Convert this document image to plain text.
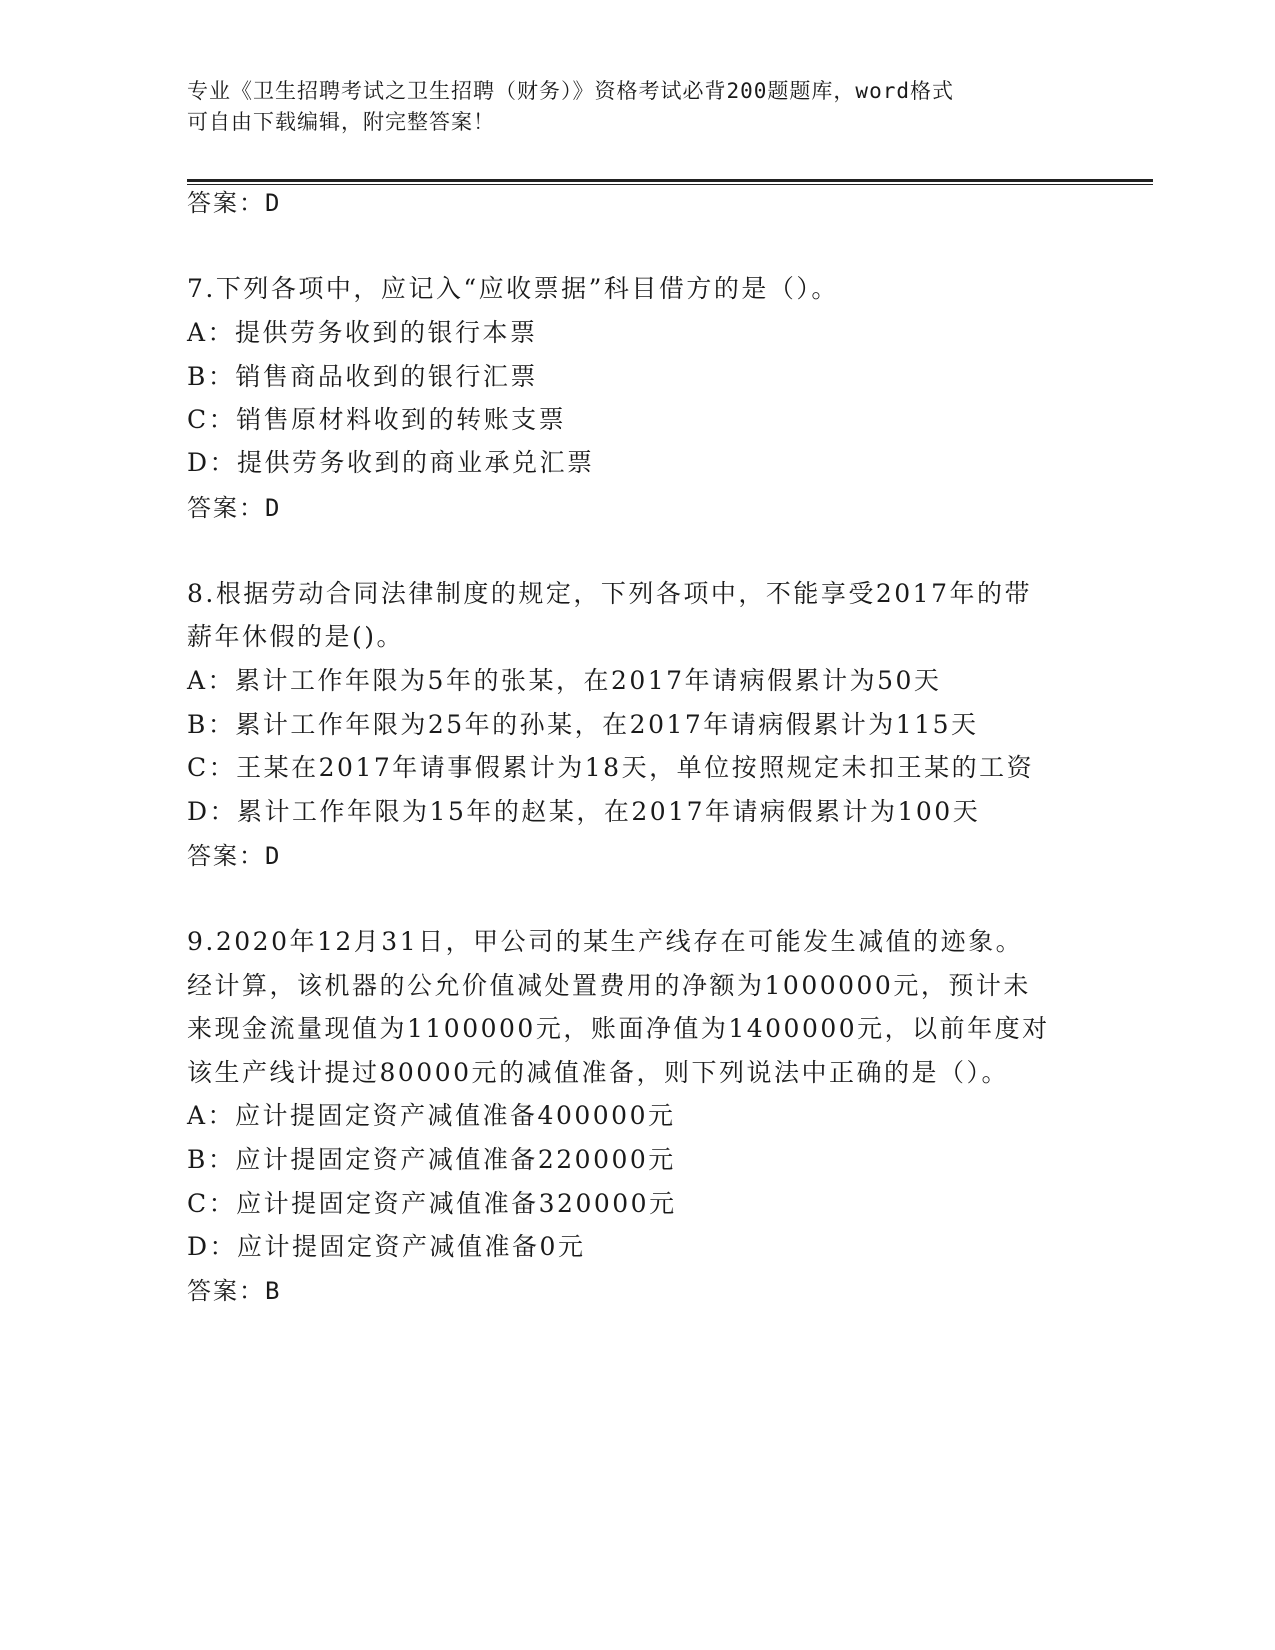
专业《卫生招聘考试之卫生招聘（财务）》资格考试必背200题题库，word格式
可自由下载编辑，附完整答案！
答案：D
7.下列各项中，应记入“应收票据”科目借方的是（）。
A：提供劳务收到的银行本票
B：销售商品收到的银行汇票
C：销售原材料收到的转账支票
D：提供劳务收到的商业承兑汇票
答案：D
8.根据劳动合同法律制度的规定，下列各项中，不能享受2017年的带
薪年休假的是()。
A：累计工作年限为5年的张某，在2017年请病假累计为50天
B：累计工作年限为25年的孙某，在2017年请病假累计为115天
C：王某在2017年请事假累计为18天，单位按照规定未扣王某的工资
D：累计工作年限为15年的赵某，在2017年请病假累计为100天
答案：D
9.2020年12月31日，甲公司的某生产线存在可能发生减值的迹象。
经计算，该机器的公允价值减处置费用的净额为1000000元，预计未
来现金流量现值为1100000元，账面净值为1400000元，以前年度对
该生产线计提过80000元的减值准备，则下列说法中正确的是（）。
A：应计提固定资产减值准备400000元
B：应计提固定资产减值准备220000元
C：应计提固定资产减值准备320000元
D：应计提固定资产减值准备0元
答案：B
